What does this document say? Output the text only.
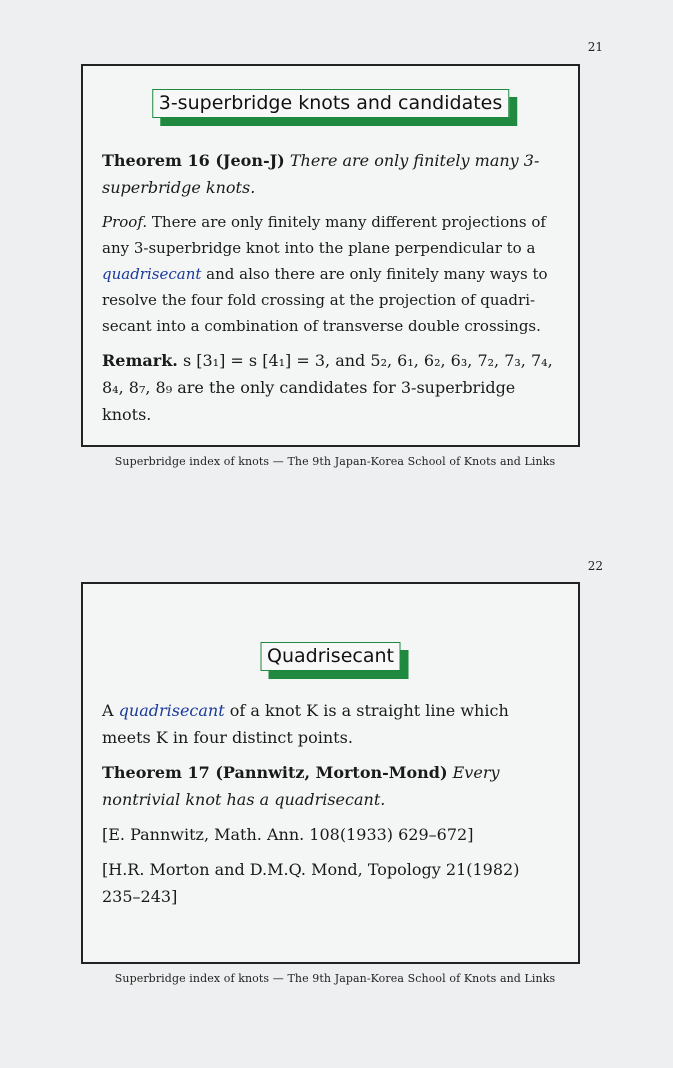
21
3-superbridge knots and candidates

Theorem 16 (Jeon-J) There are only finitely many 3-superbridge knots.

Proof. There are only finitely many different projections of any 3-superbridge knot into the plane perpendicular to a quadrisecant and also there are only finitely many ways to resolve the four fold crossing at the projection of quadri-secant into a combination of transverse double crossings.

Remark. s [3₁] = s [4₁] = 3, and 5₂, 6₁, 6₂, 6₃, 7₂, 7₃, 7₄, 8₄, 8₇, 8₉ are the only candidates for 3-superbridge knots.

Superbridge index of knots — The 9th Japan-Korea School of Knots and Links
22
Quadrisecant

A quadrisecant of a knot K is a straight line which meets K in four distinct points.

Theorem 17 (Pannwitz, Morton-Mond) Every nontrivial knot has a quadrisecant.

[E. Pannwitz, Math. Ann. 108(1933) 629–672]

[H.R. Morton and D.M.Q. Mond, Topology 21(1982) 235–243]

Superbridge index of knots — The 9th Japan-Korea School of Knots and Links
